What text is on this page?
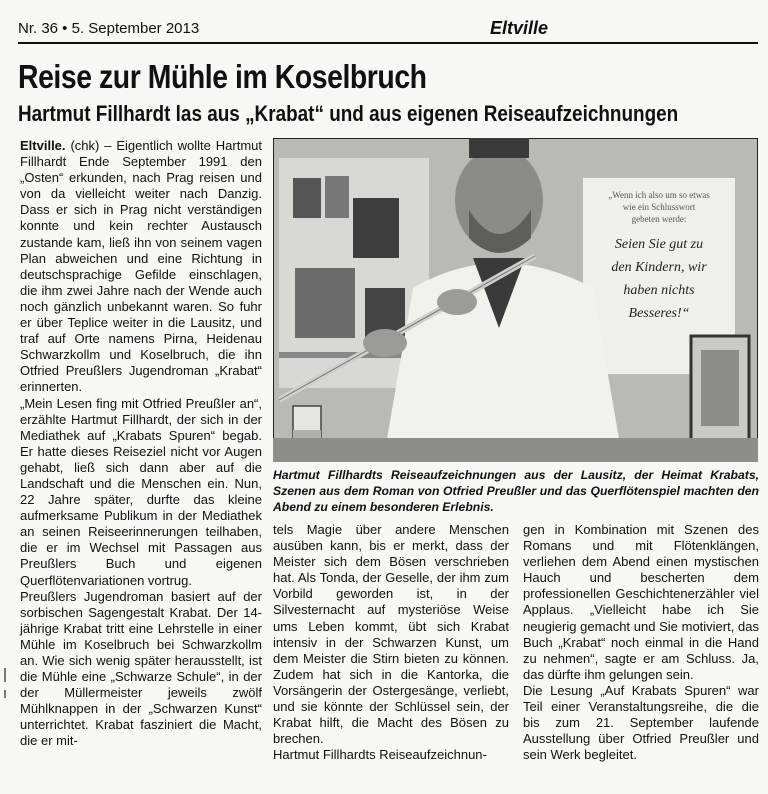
Nr. 36 • 5. September 2013	Eltville
Reise zur Mühle im Koselbruch
Hartmut Fillhardt las aus „Krabat“ und aus eigenen Reiseaufzeichnungen

Eltville. (chk) – Eigentlich wollte Hartmut Fillhardt Ende September 1991 den „Osten“ erkunden, nach Prag reisen und von da vielleicht weiter nach Danzig. Dass er sich in Prag nicht verständigen konnte und kein rechter Austausch zustande kam, ließ ihn von seinem vagen Plan abweichen und eine Richtung in deutschsprachige Gefilde einschlagen, die ihm zwei Jahre nach der Wende auch noch gänzlich unbekannt waren. So fuhr er über Teplice weiter in die Lausitz, und traf auf Orte namens Pirna, Heidenau Schwarzkollm und Koselbruch, die ihn Otfried Preußlers Jugendroman „Krabat“ erinnerten.

„Mein Lesen fing mit Otfried Preußler an“, erzählte Hartmut Fillhardt, der sich in der Mediathek auf „Krabats Spuren“ begab. Er hatte dieses Reiseziel nicht vor Augen gehabt, ließ sich dann aber auf die Landschaft und die Menschen ein. Nun, 22 Jahre später, durfte das kleine aufmerksame Publikum in der Mediathek an seinen Reiseerinnerungen teilhaben, die er im Wechsel mit Passagen aus Preußlers Buch und eigenen Querflötenvariationen vortrug.

Preußlers Jugendroman basiert auf der sorbischen Sagengestalt Krabat. Der 14-jährige Krabat tritt eine Lehrstelle in einer Mühle im Koselbruch bei Schwarzkollm an. Wie sich wenig später herausstellt, ist die Mühle eine „Schwarze Schule“, in der der Müllermeister jeweils zwölf Mühlknappen in der „Schwarzen Kunst“ unterrichtet. Krabat fasziniert die Macht, die er mit-

„Wenn ich also um so etwas
wie ein Schlusswort
gebeten werde:
Seien Sie gut zu
den Kindern, wir
haben nichts
Besseres!“
Hartmut Fillhardts Reiseaufzeichnungen aus der Lausitz, der Heimat Krabats, Szenen aus dem Roman von Otfried Preußler und das Querflötenspiel machten den Abend zu einem besonderen Erlebnis.

tels Magie über andere Menschen ausüben kann, bis er merkt, dass der Meister sich dem Bösen verschrieben hat. Als Tonda, der Geselle, der ihm zum Vorbild geworden ist, in der Silvesternacht auf mysteriöse Weise ums Leben kommt, übt sich Krabat intensiv in der Schwarzen Kunst, um dem Meister die Stirn bieten zu können. Zudem hat sich in die Kantorka, die Vorsängerin der Ostergesänge, verliebt, und sie könnte der Schlüssel sein, der Krabat hilft, die Macht des Bösen zu brechen.

Hartmut Fillhardts Reiseaufzeichnun-

gen in Kombination mit Szenen des Romans und mit Flötenklängen, verliehen dem Abend einen mystischen Hauch und bescherten dem professionellen Geschichtenerzähler viel Applaus. „Vielleicht habe ich Sie neugierig gemacht und Sie motiviert, das Buch „Krabat“ noch einmal in die Hand zu nehmen“, sagte er am Schluss. Ja, das dürfte ihm gelungen sein.

Die Lesung „Auf Krabats Spuren“ war Teil einer Veranstaltungsreihe, die die bis zum 21. September laufende Ausstellung über Otfried Preußler und sein Werk begleitet.
